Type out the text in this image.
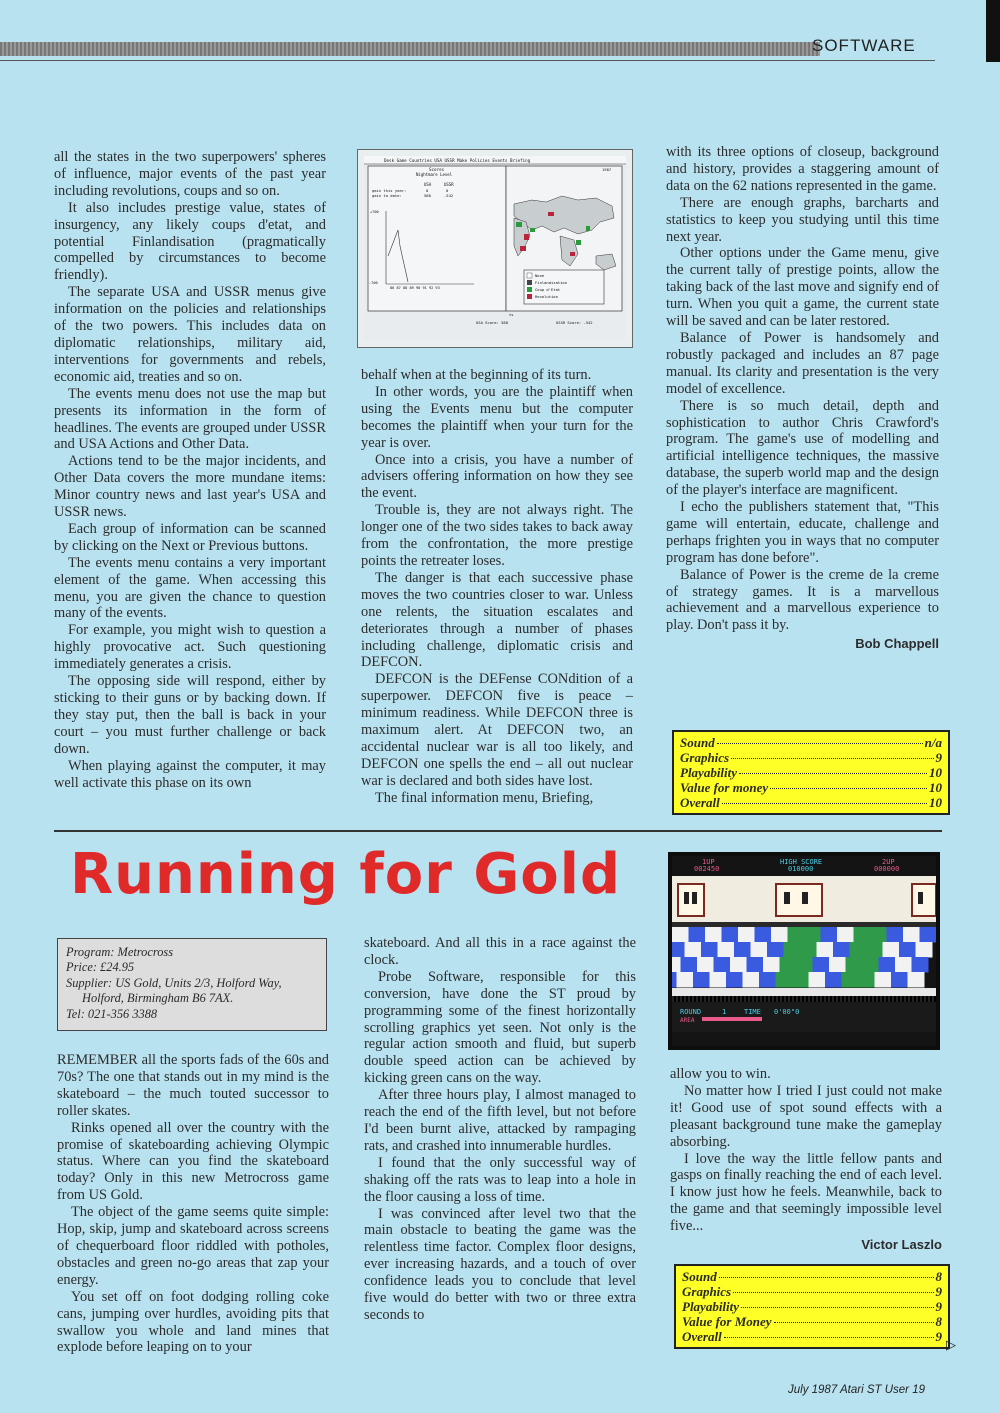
SOFTWARE

all the states in the two superpowers' spheres of influence, major events of the past year including revolutions, coups and so on.

It also includes prestige value, states of insurgency, any likely coups d'etat, and potential Finlandisation (pragmatically compelled by circumstances to become friendly).

The separate USA and USSR menus give information on the policies and relationships of the two powers. This includes data on diplomatic relationships, military aid, interventions for governments and rebels, economic aid, treaties and so on.

The events menu does not use the map but presents its information in the form of headlines. The events are grouped under USSR and USA Actions and Other Data.

Actions tend to be the major incidents, and Other Data covers the more mundane items: Minor country news and last year's USA and USSR news.

Each group of information can be scanned by clicking on the Next or Previous buttons.

The events menu contains a very important element of the game. When accessing this menu, you are given the chance to question many of the events.

For example, you might wish to question a highly provocative act. Such questioning immediately generates a crisis.

The opposing side will respond, either by sticking to their guns or by backing down. If they stay put, then the ball is back in your court – you must further challenge or back down.

When playing against the computer, it may well activate this phase on its own

behalf when at the beginning of its turn.

In other words, you are the plaintiff when using the Events menu but the computer becomes the plaintiff when your turn for the year is over.

Once into a crisis, you have a number of advisers offering information on how they see the event.

Trouble is, they are not always right. The longer one of the two sides takes to back away from the confrontation, the more prestige points the retreater loses.

The danger is that each successive phase moves the two countries closer to war. Unless one relents, the situation escalates and deteriorates through a number of phases including challenge, diplomatic crisis and DEFCON.

DEFCON is the DEFense CONdition of a superpower. DEFCON five is peace – minimum readiness. While DEFCON three is maximum alert. At DEFCON two, an accidental nuclear war is all too likely, and DEFCON one spells the end – all out nuclear war is declared and both sides have lost.

The final information menu, Briefing,

with its three options of closeup, background and history, provides a staggering amount of data on the 62 nations represented in the game.

There are enough graphs, barcharts and statistics to keep you studying until this time next year.

Other options under the Game menu, give the current tally of prestige points, allow the taking back of the last move and signify end of turn. When you quit a game, the current state will be saved and can be later restored.

Balance of Power is handsomely and robustly packaged and includes an 87 page manual. Its clarity and presentation is the very model of excellence.

There is so much detail, depth and sophistication to author Chris Crawford's program. The game's use of modelling and artificial intelligence techniques, the massive database, the superb world map and the design of the player's interface are magnificent.

I echo the publishers statement that, "This game will entertain, educate, challenge and perhaps frighten you in ways that no computer program has done before".

Balance of Power is the creme de la creme of strategy games. It is a marvellous achievement and a marvellous experience to play. Don't pass it by.

Bob Chappell

Desk Game Countries USA USSR Make Policies Events Briefing
Scores
Nightmare Level
USA	USSR
gain this year:	0	0
gain to date:	580	-542
+700
-700
86 87 88 89 90 91 92 93
1987
None
Finlandization
Coup d'Etat
Revolution
ts
USA Score: 580	USSR Score: -542
Sound	n/a
Graphics	9
Playability	10
Value for money	10
Overall	10
Running for Gold
Program: Metrocross
Price: £24.95
Supplier: US Gold, Units 2/3, Holford Way,
Holford, Birmingham B6 7AX.
Tel: 021-356 3388

REMEMBER all the sports fads of the 60s and 70s? The one that stands out in my mind is the skateboard – the much touted successor to roller skates.

Rinks opened all over the country with the promise of skateboarding achieving Olympic status. Where can you find the skateboard today? Only in this new Metrocross game from US Gold.

The object of the game seems quite simple: Hop, skip, jump and skateboard across screens of chequerboard floor riddled with potholes, obstacles and green no-go areas that zap your energy.

You set off on foot dodging rolling coke cans, jumping over hurdles, avoiding pits that swallow you whole and land mines that explode before leaping on to your

skateboard. And all this in a race against the clock.

Probe Software, responsible for this conversion, have done the ST proud by programming some of the finest horizontally scrolling graphics yet seen. Not only is the regular action smooth and fluid, but superb double speed action can be achieved by kicking green cans on the way.

After three hours play, I almost managed to reach the end of the fifth level, but not before I'd been burnt alive, attacked by rampaging rats, and crashed into innumerable hurdles.

I found that the only successful way of shaking off the rats was to leap into a hole in the floor causing a loss of time.

I was convinced after level two that the main obstacle to beating the game was the relentless time factor. Complex floor designs, ever increasing hazards, and a touch of over confidence leads you to conclude that level five would do better with two or three extra seconds to

allow you to win.

No matter how I tried I just could not make it! Good use of spot sound effects with a pleasant background tune make the gameplay absorbing.

I love the way the little fellow pants and gasps on finally reaching the end of each level. I know just how he feels. Meanwhile, back to the game and that seemingly impossible level five...

Victor Laszlo

1UP
002450
HIGH SCORE
010000
2UP
000000
ROUND	1	TIME 0'00"0
AREA
Sound	8
Graphics	9
Playability	9
Value for Money	8
Overall	9
▷
July 1987 Atari ST User 19
